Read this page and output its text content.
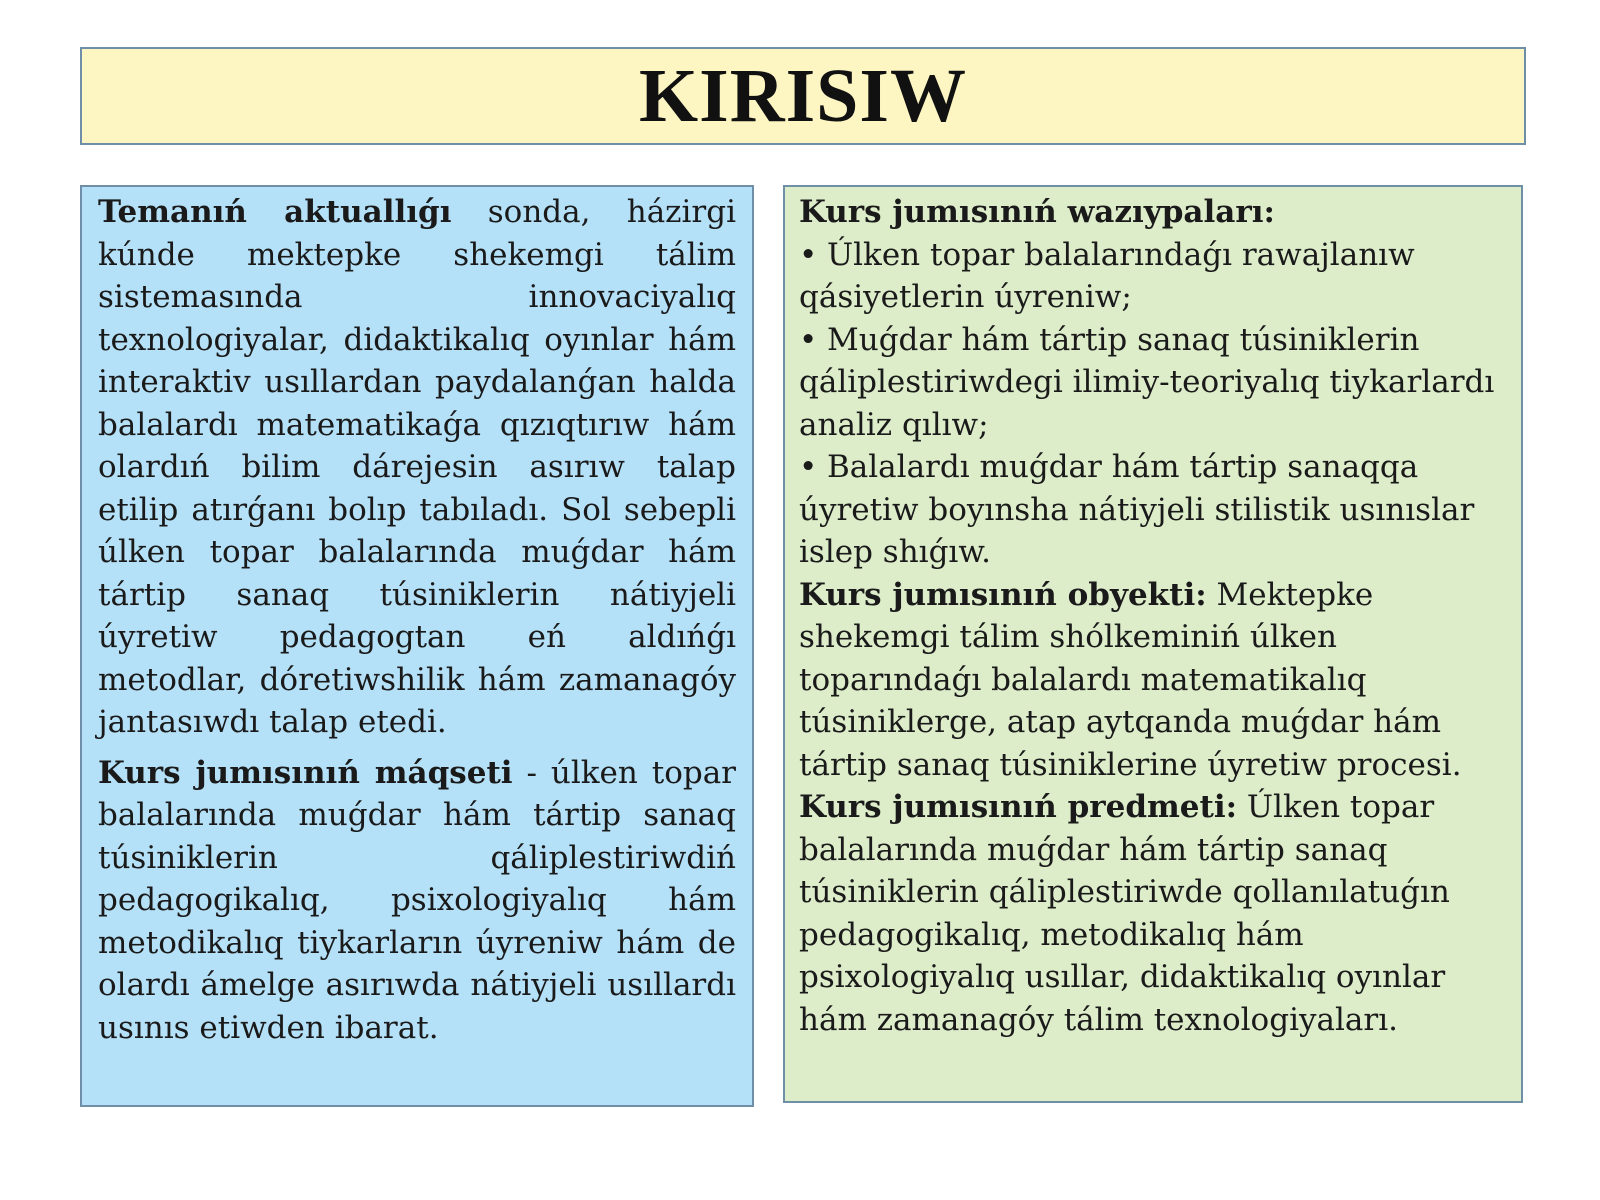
KIRISIW

Temanıń aktuallıǵı sonda, házirgi kúnde mektepke shekemgi tálim sistemasında innovaciyalıq texnologiyalar, didaktikalıq oyınlar hám interaktiv usıllardan paydalanǵan halda balalardı matematikaǵa qızıqtırıw hám olardıń bilim dárejesin asırıw talap etilip atırǵanı bolıp tabıladı. Sol sebepli úlken topar balalarında muǵdar hám tártip sanaq túsiniklerin nátiyjeli úyretiw pedagogtan eń aldıńǵı metodlar, dóretiwshilik hám zamanagóy jantasıwdı talap etedi.

Kurs jumısınıń máqseti - úlken topar balalarında muǵdar hám tártip sanaq túsiniklerin qáliplestiriwdiń pedagogikalıq, psixologiyalıq hám metodikalıq tiykarların úyreniw hám de olardı ámelge asırıwda nátiyjeli usıllardı usınıs etiwden ibarat.

Kurs jumısınıń wazıypaları:

• Úlken topar balalarındaǵı rawajlanıw qásiyetlerin úyreniw;
• Muǵdar hám tártip sanaq túsiniklerin qáliplestiriwdegi ilimiy-teoriyalıq tiykarlardı analiz qılıw;
• Balalardı muǵdar hám tártip sanaqqa úyretiw boyınsha nátiyjeli stilistik usınıslar islep shıǵıw.

Kurs jumısınıń obyekti: Mektepke shekemgi tálim shólkeminiń úlken toparındaǵı balalardı matematikalıq túsiniklerge, atap aytqanda muǵdar hám tártip sanaq túsiniklerine úyretiw procesi.

Kurs jumısınıń predmeti: Úlken topar balalarında muǵdar hám tártip sanaq túsiniklerin qáliplestiriwde qollanılatuǵın pedagogikalıq, metodikalıq hám psixologiyalıq usıllar, didaktikalıq oyınlar hám zamanagóy tálim texnologiyaları.
